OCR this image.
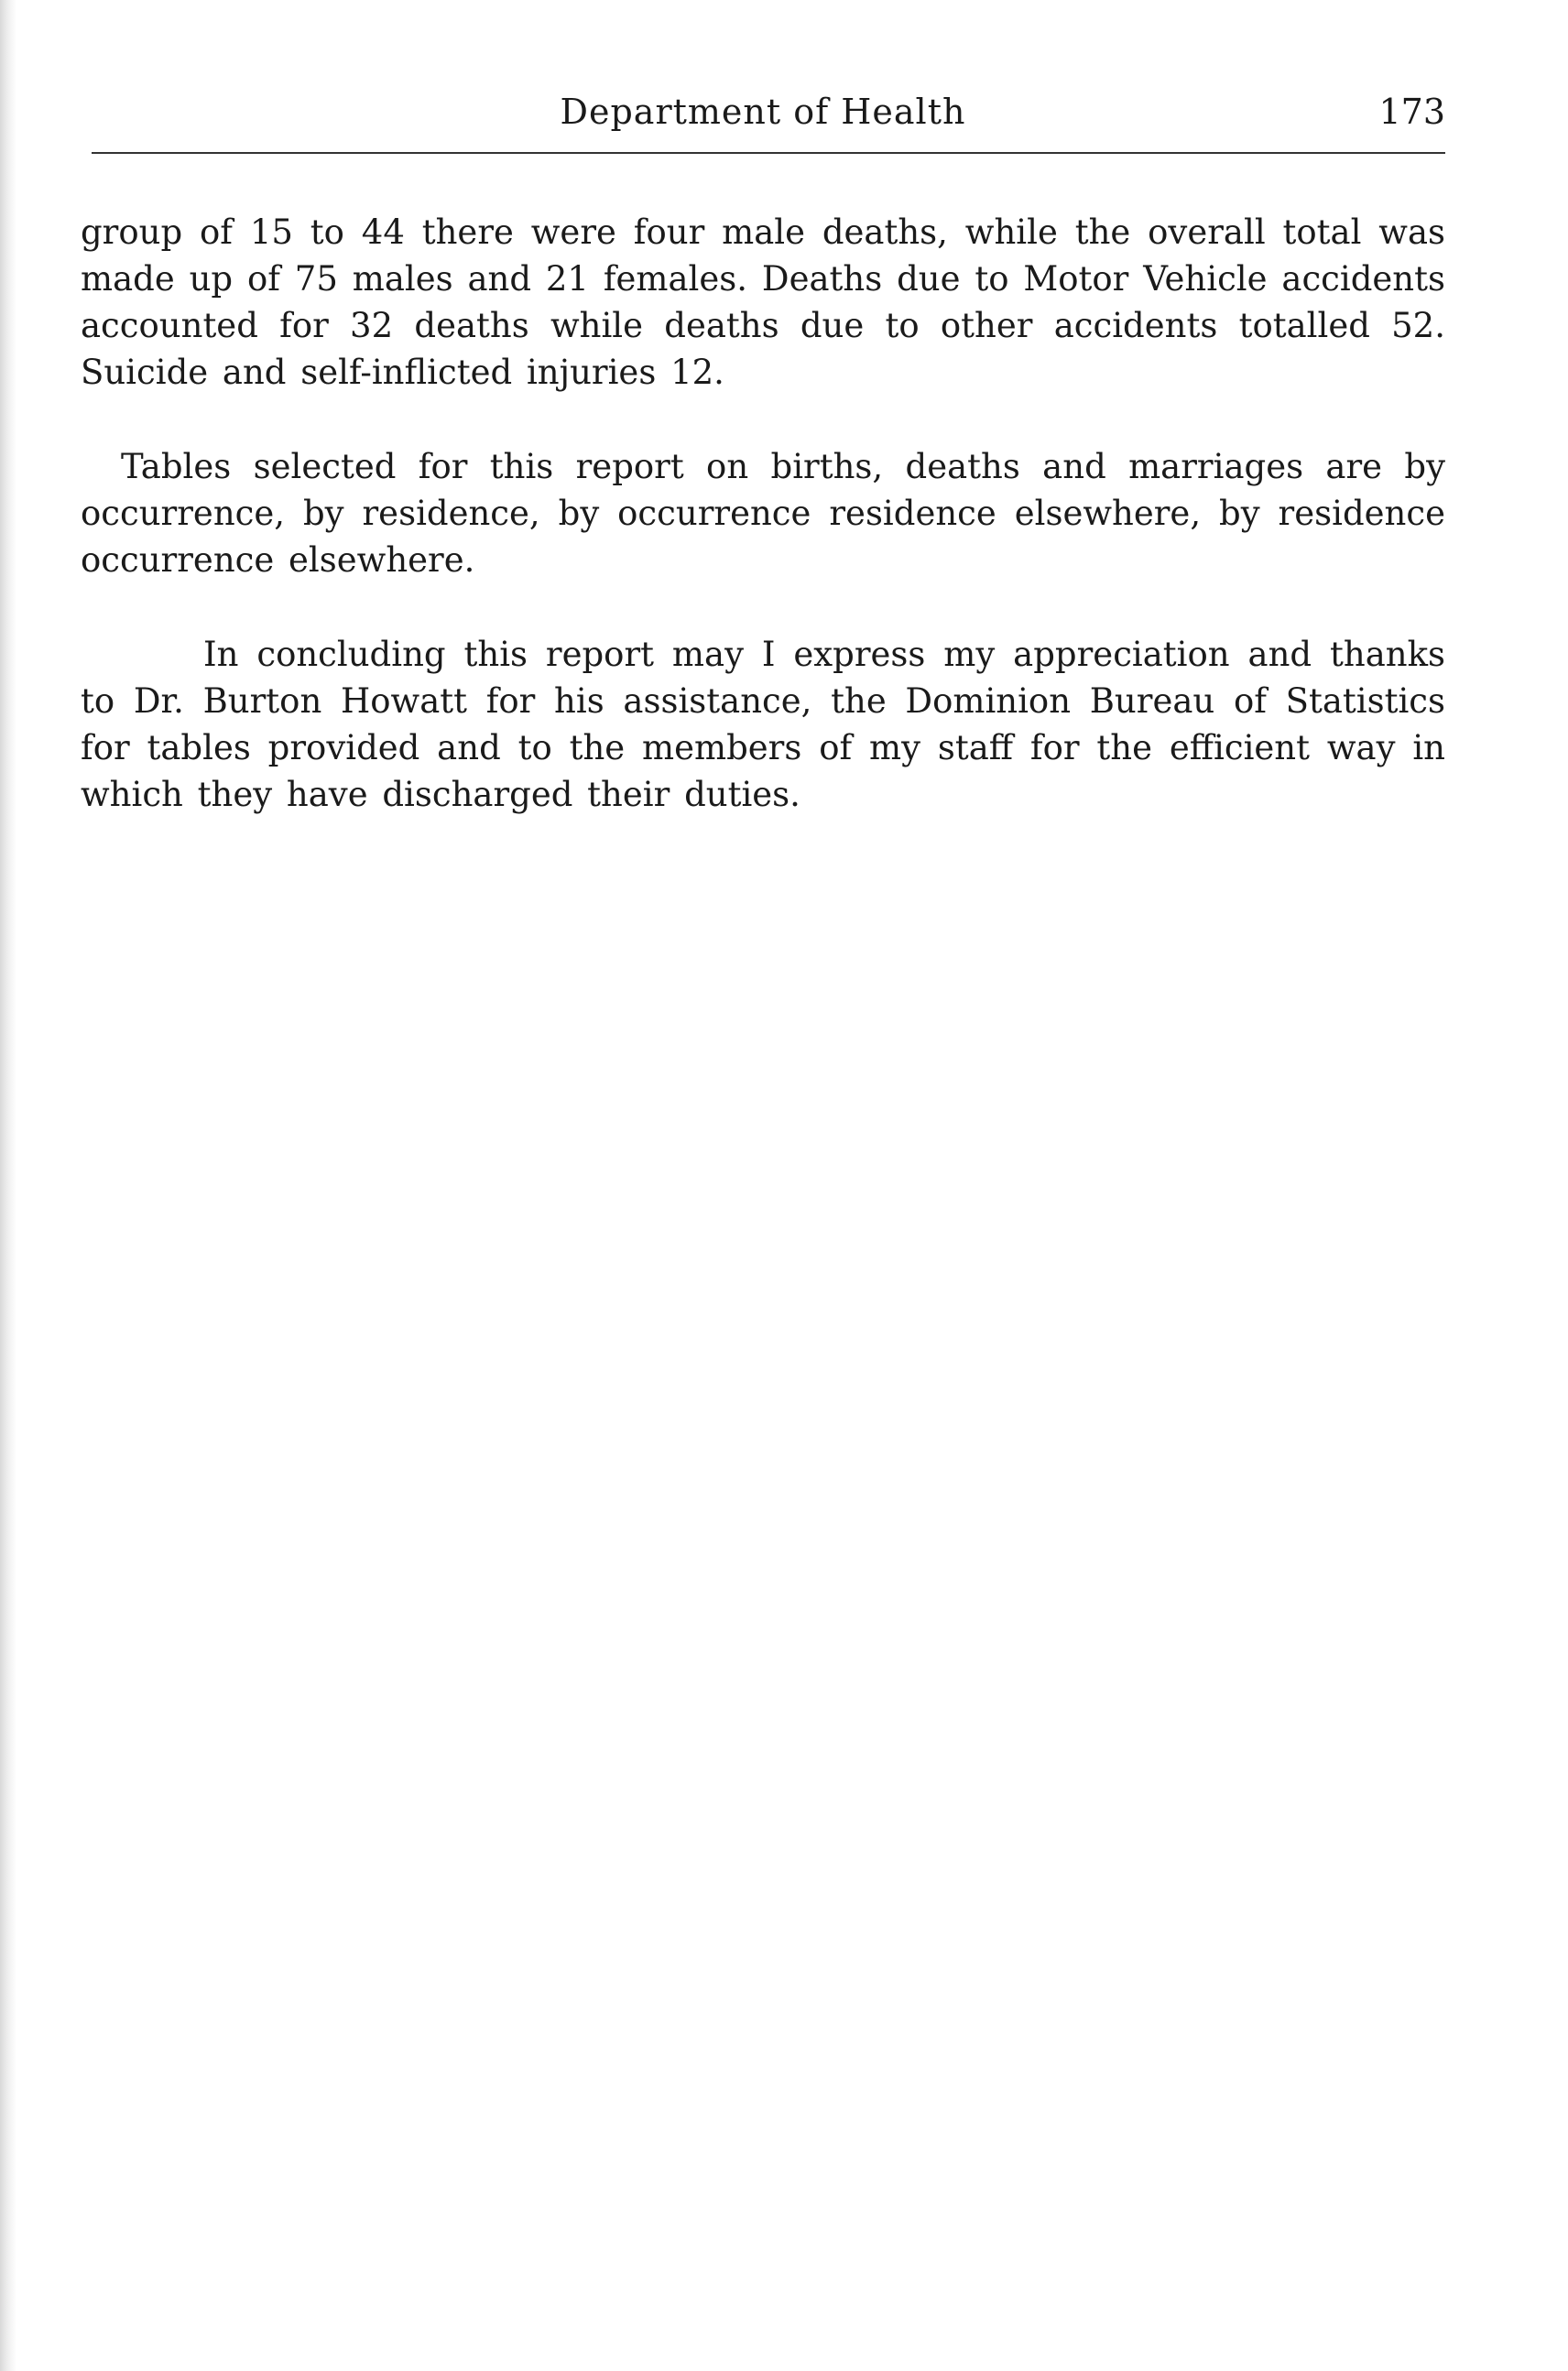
Department of Health	173

group of 15 to 44 there were four male deaths, while the overall total was made up of 75 males and 21 females. Deaths due to Motor Vehicle accidents accounted for 32 deaths while deaths due to other accidents totalled 52. Suicide and self-inflicted injuries 12.

Tables selected for this report on births, deaths and marriages are by occurrence, by residence, by occurrence residence elsewhere, by residence occurrence elsewhere.

In concluding this report may I express my appreciation and thanks to Dr. Burton Howatt for his assistance, the Dominion Bureau of Statistics for tables provided and to the members of my staff for the efficient way in which they have discharged their duties.
